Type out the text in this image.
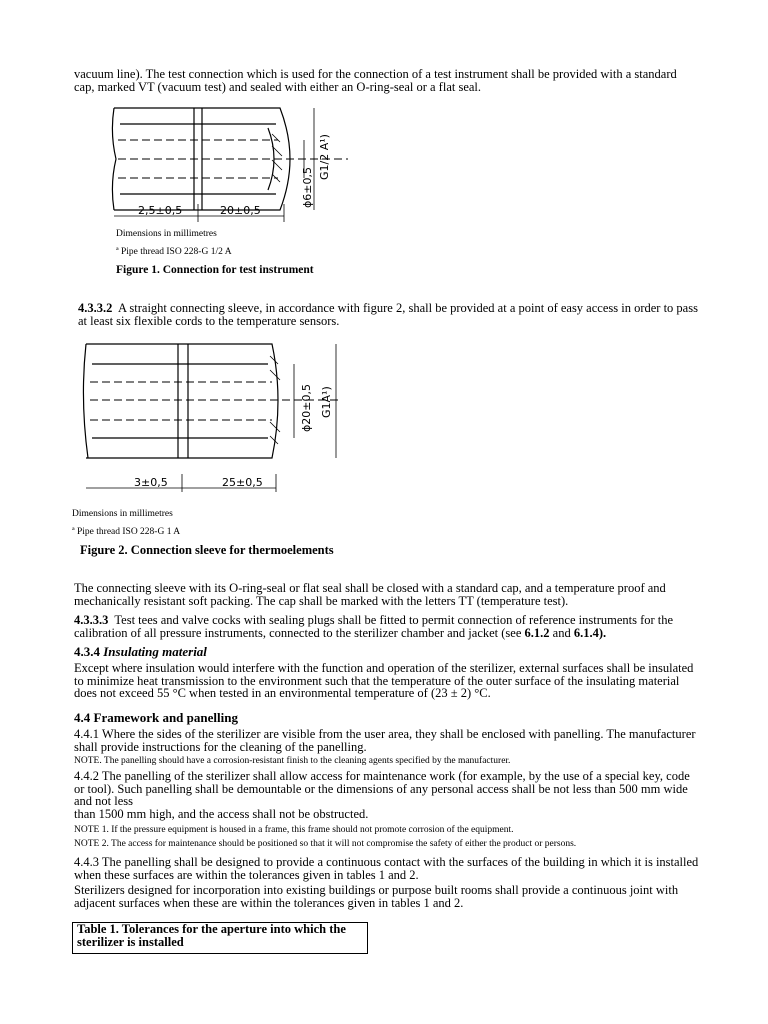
vacuum line). The test connection which is used for the connection of a test instrument shall be provided with a standard cap, marked VT (vacuum test) and sealed with either an O-ring-seal or a flat seal.
2,5±0,5	20±0,5
ϕ6±0,5
G1/2 A¹)
Dimensions in millimetres
ª Pipe thread ISO 228-G 1/2 A
Figure 1. Connection for test instrument
4.3.3.2 A straight connecting sleeve, in accordance with figure 2, shall be provided at a point of easy access in order to pass at least six flexible cords to the temperature sensors.
3±0,5	25±0,5
ϕ20±0,5 G1A¹)
Dimensions in millimetres
ª Pipe thread ISO 228-G 1 A
Figure 2. Connection sleeve for thermoelements
The connecting sleeve with its O-ring-seal or flat seal shall be closed with a standard cap, and a temperature proof and mechanically resistant soft packing. The cap shall be marked with the letters TT (temperature test).
4.3.3.3 Test tees and valve cocks with sealing plugs shall be fitted to permit connection of reference instruments for the calibration of all pressure instruments, connected to the sterilizer chamber and jacket (see 6.1.2 and 6.1.4).
4.3.4 Insulating material
Except where insulation would interfere with the function and operation of the sterilizer, external surfaces shall be insulated to minimize heat transmission to the environment such that the temperature of the outer surface of the insulating material does not exceed 55 °C when tested in an environmental temperature of (23 ± 2) °C.
4.4 Framework and panelling
4.4.1 Where the sides of the sterilizer are visible from the user area, they shall be enclosed with panelling. The manufacturer shall provide instructions for the cleaning of the panelling.
NOTE. The panelling should have a corrosion-resistant finish to the cleaning agents specified by the manufacturer.
4.4.2 The panelling of the sterilizer shall allow access for maintenance work (for example, by the use of a special key, code or tool). Such panelling shall be demountable or the dimensions of any personal access shall be not less than 500 mm wide and not less
than 1500 mm high, and the access shall not be obstructed.
NOTE 1. If the pressure equipment is housed in a frame, this frame should not promote corrosion of the equipment.
NOTE 2. The access for maintenance should be positioned so that it will not compromise the safety of either the product or persons.
4.4.3 The panelling shall be designed to provide a continuous contact with the surfaces of the building in which it is installed when these surfaces are within the tolerances given in tables 1 and 2.
Sterilizers designed for incorporation into existing buildings or purpose built rooms shall provide a continuous joint with adjacent surfaces when these are within the tolerances given in tables 1 and 2.
Table 1. Tolerances for the aperture into which the sterilizer is installed
